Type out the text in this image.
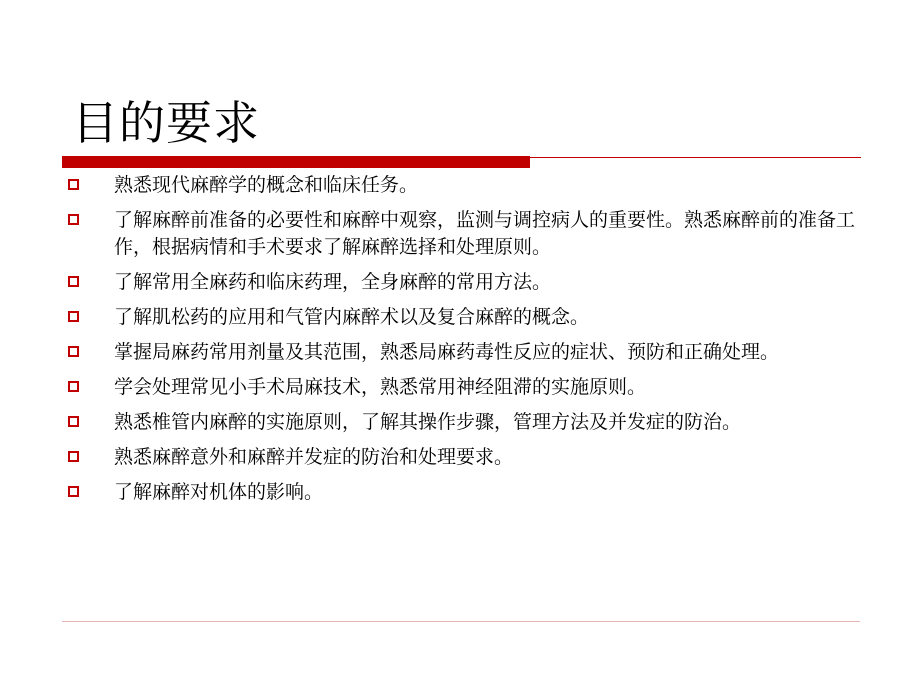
目的要求
熟悉现代麻醉学的概念和临床任务。
了解麻醉前准备的必要性和麻醉中观察，监测与调控病人的重要性。熟悉麻醉前的准备工作，根据病情和手术要求了解麻醉选择和处理原则。
了解常用全麻药和临床药理，全身麻醉的常用方法。
了解肌松药的应用和气管内麻醉术以及复合麻醉的概念。
掌握局麻药常用剂量及其范围，熟悉局麻药毒性反应的症状、预防和正确处理。
学会处理常见小手术局麻技术，熟悉常用神经阻滞的实施原则。
熟悉椎管内麻醉的实施原则，了解其操作步骤，管理方法及并发症的防治。
熟悉麻醉意外和麻醉并发症的防治和处理要求。
了解麻醉对机体的影响。
